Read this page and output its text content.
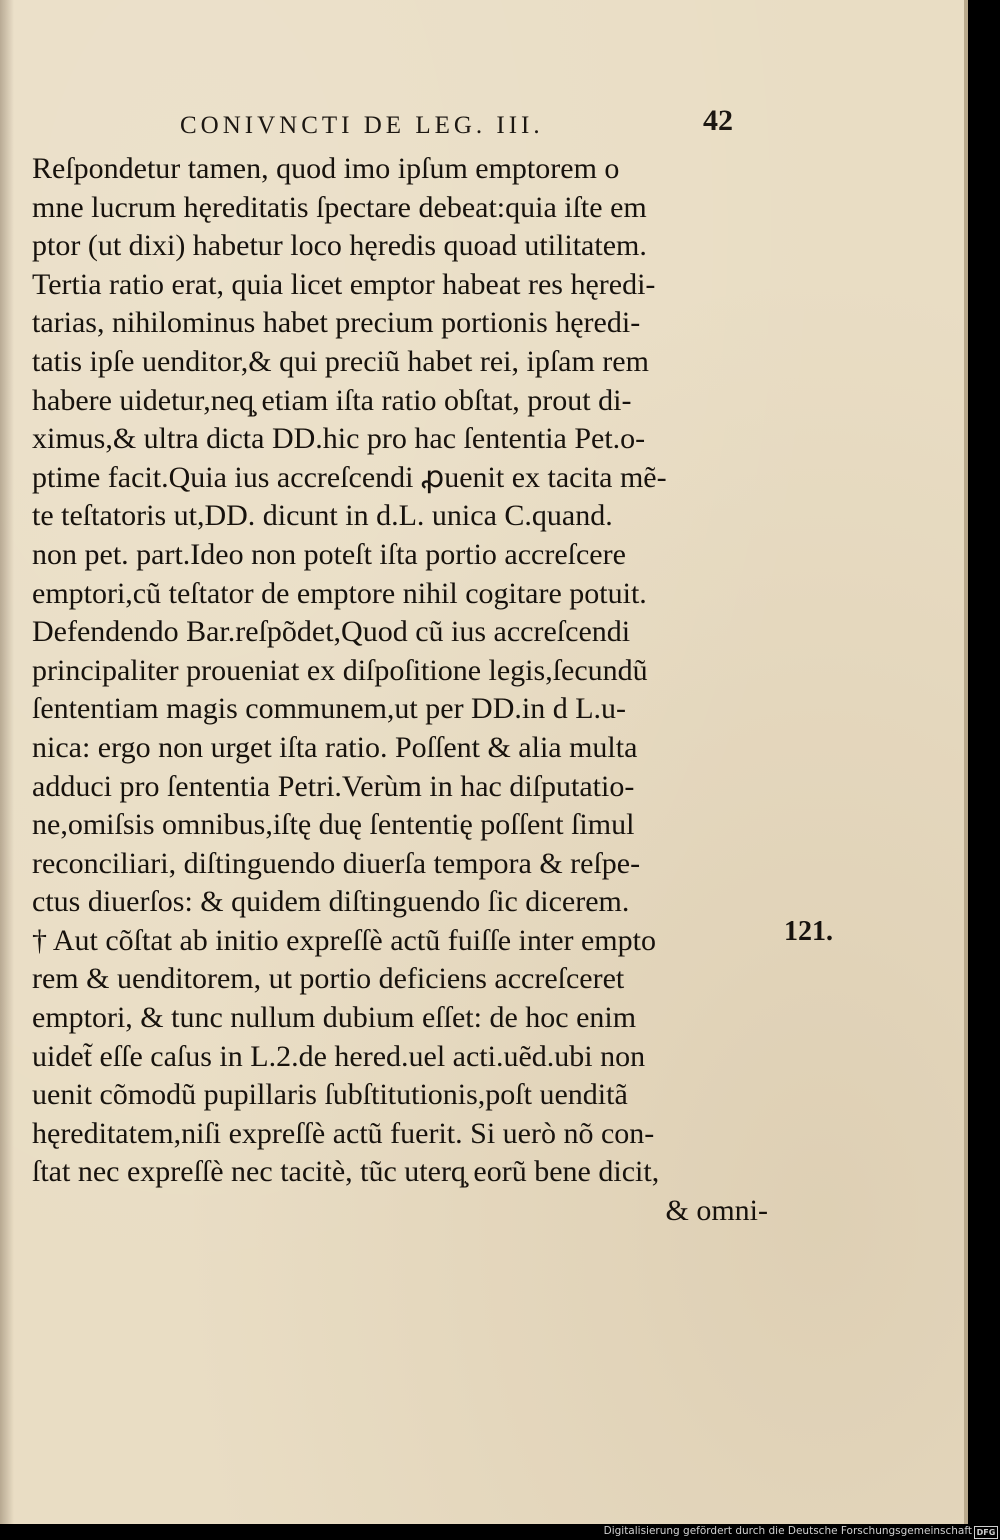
CONIVNCTI DE LEG. III.	42
Reſpondetur tamen, quod imo ipſum emptorem o
mne lucrum hęreditatis ſpectare debeat:quia iſte em
ptor (ut dixi) habetur loco hęredis quoad utilitatem.
Tertia ratio erat, quia licet emptor habeat res hęredi-
tarias, nihilominus habet precium portionis hęredi-
tatis ipſe uenditor,& qui preciũ habet rei, ipſam rem
habere uidetur,neq̧ etiam iſta ratio obſtat, prout di-
ximus,& ultra dicta DD.hic pro hac ſententia Pet.o-
ptime facit.Quia ius accreſcendi ꝓuenit ex tacita mẽ-
te teſtatoris ut,DD. dicunt in d.L. unica C.quand.
non pet. part.Ideo non poteſt iſta portio accreſcere
emptori,cũ teſtator de emptore nihil cogitare potuit.
Defendendo Bar.reſpõdet,Quod cũ ius accreſcendi
principaliter proueniat ex diſpoſitione legis,ſecundũ
ſententiam magis communem,ut per DD.in d L.u-
nica: ergo non urget iſta ratio. Poſſent & alia multa
adduci pro ſententia Petri.Verùm in hac diſputatio-
ne,omiſsis omnibus,iſtę duę ſententię poſſent ſimul
reconciliari, diſtinguendo diuerſa tempora & reſpe-
ctus diuerſos: & quidem diſtinguendo ſic dicerem.
† Aut cõſtat ab initio expreſſè actũ fuiſſe inter empto
rem & uenditorem, ut portio deficiens accreſceret
emptori, & tunc nullum dubium eſſet: de hoc enim
uidet̃ eſſe caſus in L.2.de hered.uel acti.uẽd.ubi non
uenit cõmodũ pupillaris ſubſtitutionis,poſt uenditã
hęreditatem,niſi expreſſè actũ fuerit. Si uerò nõ con-
ſtat nec expreſſè nec tacitè, tũc uterq̧ eorũ bene dicit,
& omni-
121.
Digitalisierung gefördert durch die Deutsche Forschungsgemeinschaft DFG
